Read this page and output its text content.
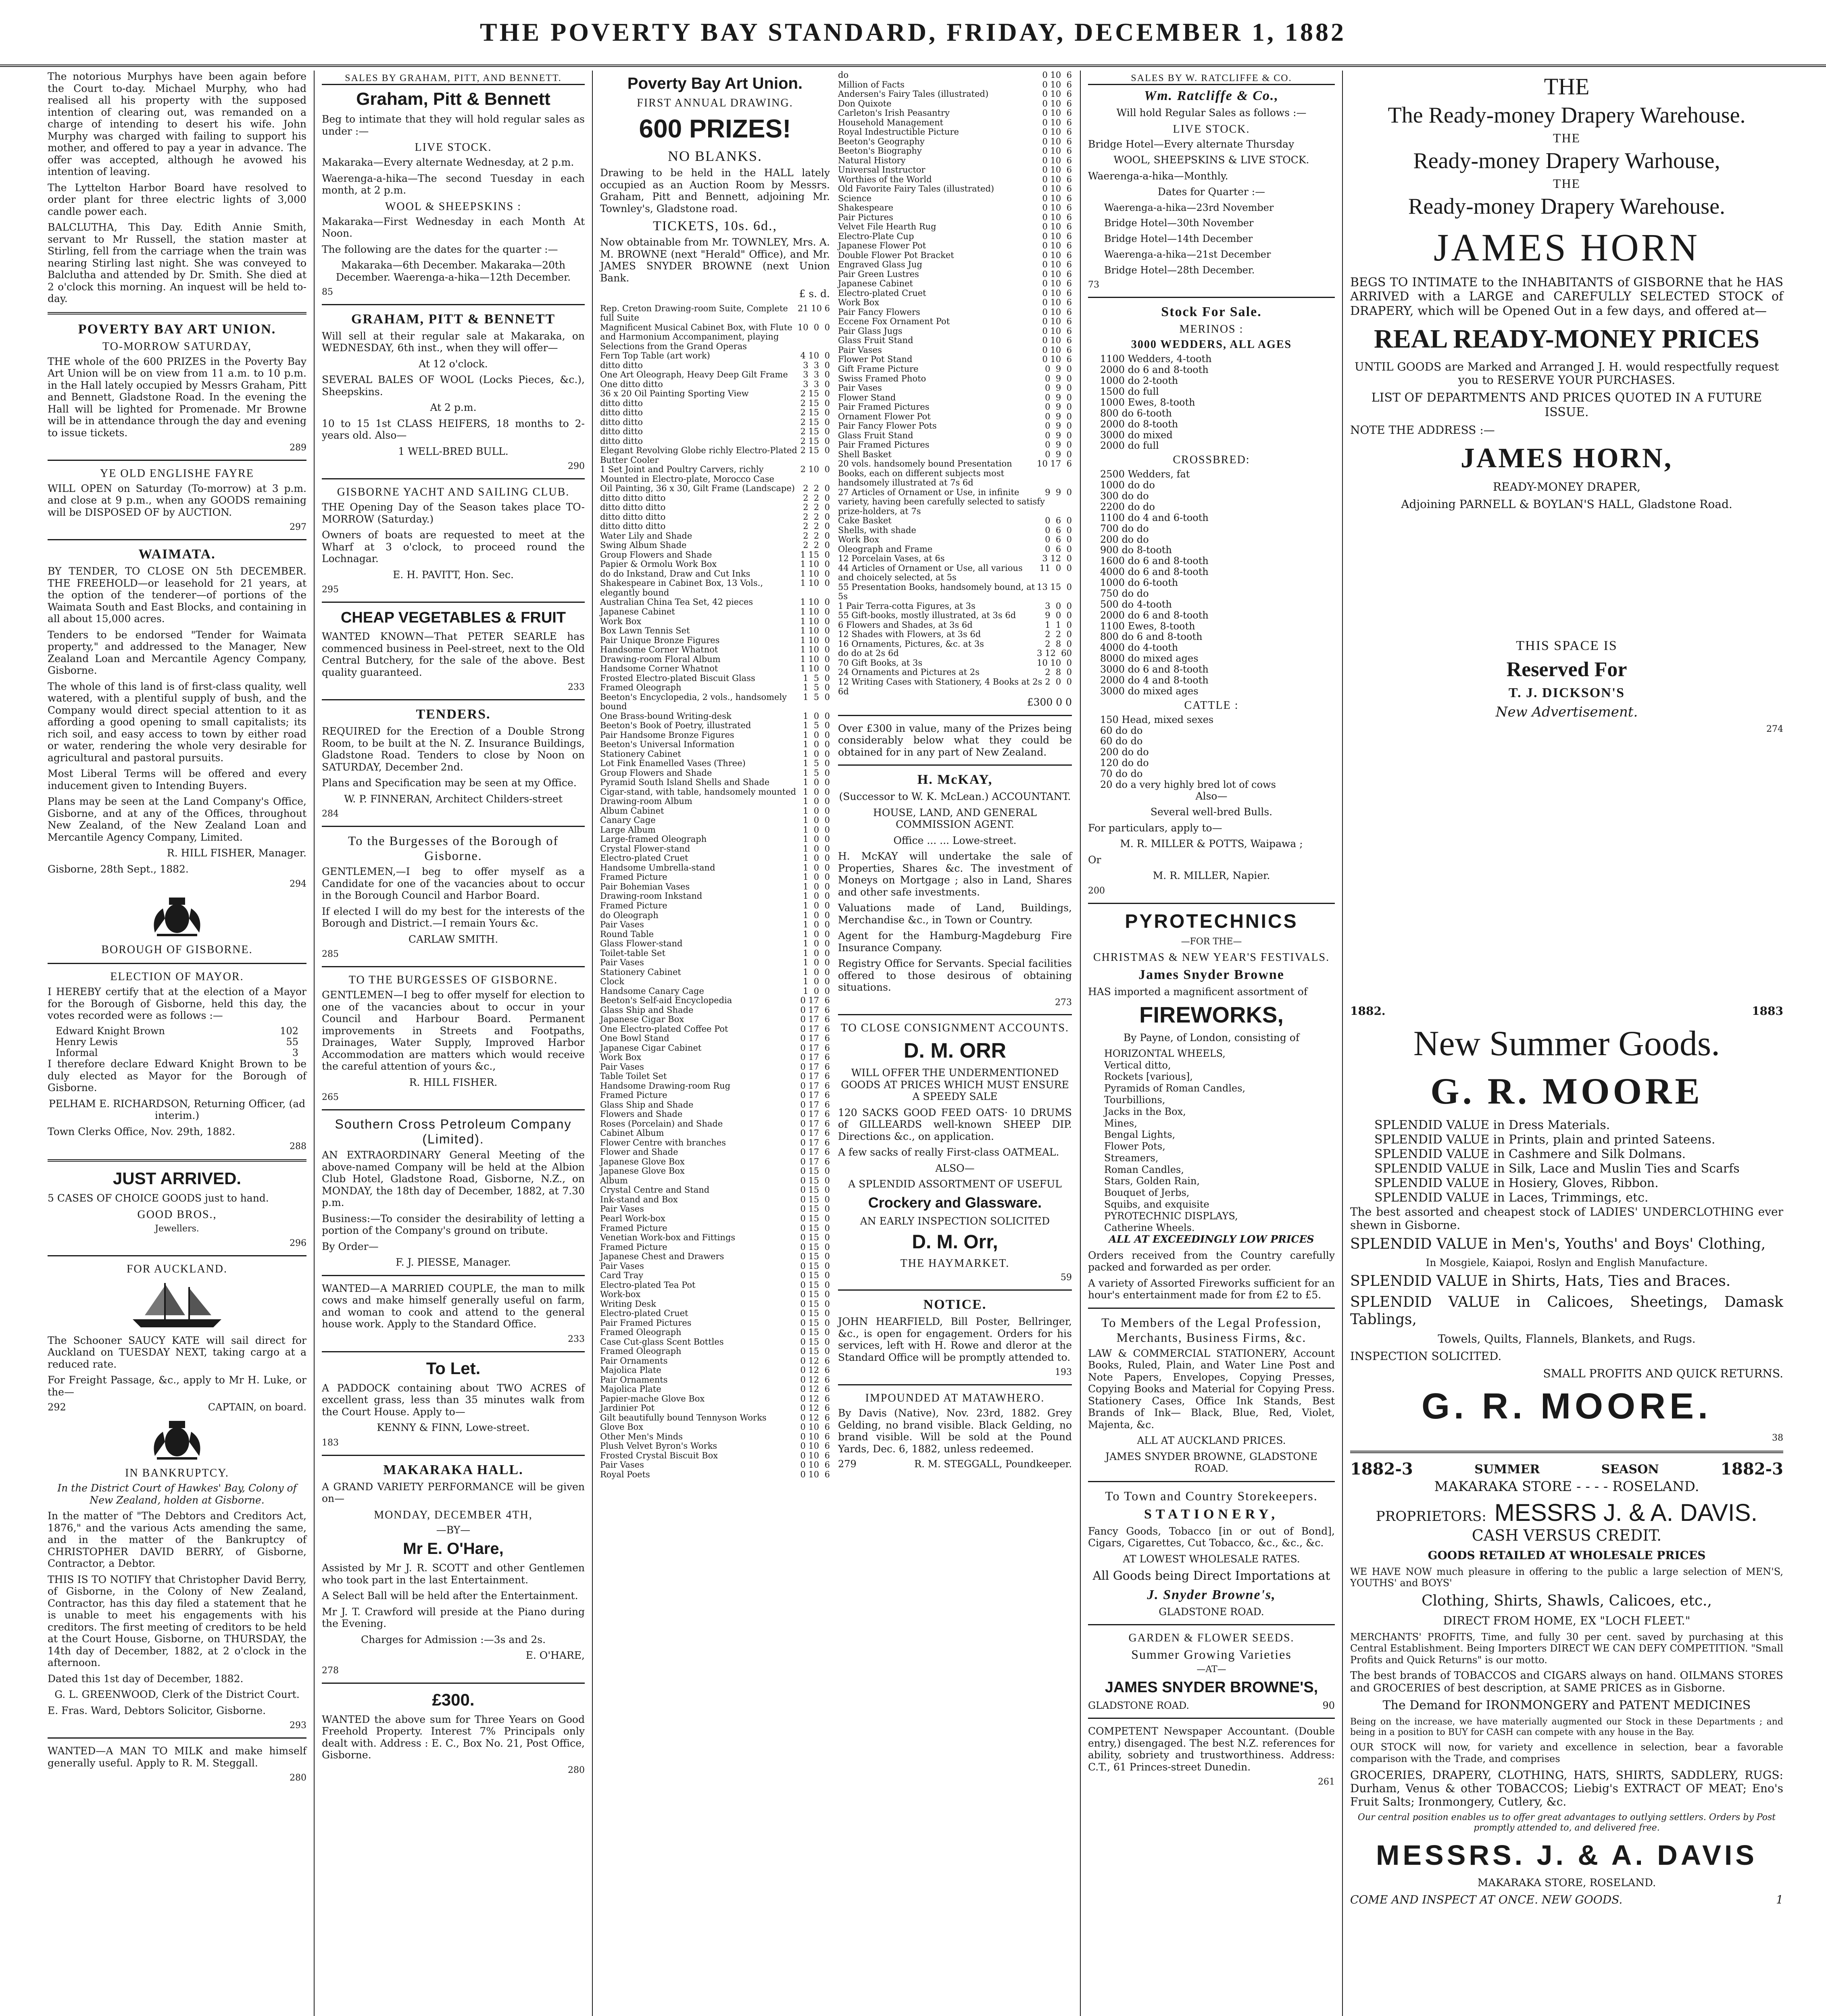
THE POVERTY BAY STANDARD, FRIDAY, DECEMBER 1, 1882

The notorious Murphys have been again before the Court to-day. Michael Murphy, who had realised all his property with the supposed intention of clearing out, was remanded on a charge of intending to desert his wife. John Murphy was charged with failing to support his mother, and offered to pay a year in advance. The offer was accepted, although he avowed his intention of leaving.

The Lyttelton Harbor Board have resolved to order plant for three electric lights of 3,000 candle power each.

BALCLUTHA, This Day. Edith Annie Smith, servant to Mr Russell, the station master at Stirling, fell from the carriage when the train was nearing Stirling last night. She was conveyed to Balclutha and attended by Dr. Smith. She died at 2 o'clock this morning. An inquest will be held to-day.

POVERTY BAY ART UNION.
TO-MORROW SATURDAY,

THE whole of the 600 PRIZES in the Poverty Bay Art Union will be on view from 11 a.m. to 10 p.m. in the Hall lately occupied by Messrs Graham, Pitt and Bennett, Gladstone Road. In the evening the Hall will be lighted for Promenade. Mr Browne will be in attendance through the day and evening to issue tickets.

289

YE OLD ENGLISHE FAYRE

WILL OPEN on Saturday (To-morrow) at 3 p.m. and close at 9 p.m., when any GOODS remaining will be DISPOSED OF by AUCTION.

297

WAIMATA.

BY TENDER, TO CLOSE ON 5th DECEMBER. THE FREEHOLD—or leasehold for 21 years, at the option of the tenderer—of portions of the Waimata South and East Blocks, and containing in all about 15,000 acres.

Tenders to be endorsed "Tender for Waimata property," and addressed to the Manager, New Zealand Loan and Mercantile Agency Company, Gisborne.

The whole of this land is of first-class quality, well watered, with a plentiful supply of bush, and the Company would direct special attention to it as affording a good opening to small capitalists; its rich soil, and easy access to town by either road or water, rendering the whole very desirable for agricultural and pastoral pursuits.

Most Liberal Terms will be offered and every inducement given to Intending Buyers.

Plans may be seen at the Land Company's Office, Gisborne, and at any of the Offices, throughout New Zealand, of the New Zealand Loan and Mercantile Agency Company, Limited.

R. HILL FISHER, Manager.

Gisborne, 28th Sept., 1882.

294

BOROUGH OF GISBORNE.
ELECTION OF MAYOR.

I HEREBY certify that at the election of a Mayor for the Borough of Gisborne, held this day, the votes recorded were as follows :—

Edward Knight Brown	102
Henry Lewis	55
Informal	3

I therefore declare Edward Knight Brown to be duly elected as Mayor for the Borough of Gisborne.

PELHAM E. RICHARDSON, Returning Officer, (ad interim.)

Town Clerks Office, Nov. 29th, 1882.

288

JUST ARRIVED.

5 CASES OF CHOICE GOODS just to hand.

GOOD BROS.,

Jewellers.

296

FOR AUCKLAND.

The Schooner SAUCY KATE will sail direct for Auckland on TUESDAY NEXT, taking cargo at a reduced rate.

For Freight Passage, &c., apply to Mr H. Luke, or the—

292	CAPTAIN, on board.
IN BANKRUPTCY.

In the District Court of Hawkes' Bay, Colony of New Zealand, holden at Gisborne.

In the matter of "The Debtors and Creditors Act, 1876," and the various Acts amending the same, and in the matter of the Bankruptcy of CHRISTOPHER DAVID BERRY, of Gisborne, Contractor, a Debtor.

THIS IS TO NOTIFY that Christopher David Berry, of Gisborne, in the Colony of New Zealand, Contractor, has this day filed a statement that he is unable to meet his engagements with his creditors. The first meeting of creditors to be held at the Court House, Gisborne, on THURSDAY, the 14th day of December, 1882, at 2 o'clock in the afternoon.

Dated this 1st day of December, 1882.

G. L. GREENWOOD, Clerk of the District Court.

E. Fras. Ward, Debtors Solicitor, Gisborne.

293

WANTED—A MAN TO MILK and make himself generally useful. Apply to R. M. Steggall.

280

SALES BY GRAHAM, PITT, AND BENNETT.
Graham, Pitt & Bennett

Beg to intimate that they will hold regular sales as under :—

LIVE STOCK.

Makaraka—Every alternate Wednesday, at 2 p.m.

Waerenga-a-hika—The second Tuesday in each month, at 2 p.m.

WOOL & SHEEPSKINS :

Makaraka—First Wednesday in each Month At Noon.

The following are the dates for the quarter :—

Makaraka—6th December. Makaraka—20th December. Waerenga-a-hika—12th December.

85

GRAHAM, PITT & BENNETT

Will sell at their regular sale at Makaraka, on WEDNESDAY, 6th inst., when they will offer—

At 12 o'clock.

SEVERAL BALES OF WOOL (Locks Pieces, &c.), Sheepskins.

At 2 p.m.

10 to 15 1st CLASS HEIFERS, 18 months to 2-years old. Also—

1 WELL-BRED BULL.

290

GISBORNE YACHT AND SAILING CLUB.

THE Opening Day of the Season takes place TO-MORROW (Saturday.)

Owners of boats are requested to meet at the Wharf at 3 o'clock, to proceed round the Lochnagar.

E. H. PAVITT, Hon. Sec.

295

CHEAP VEGETABLES & FRUIT

WANTED KNOWN—That PETER SEARLE has commenced business in Peel-street, next to the Old Central Butchery, for the sale of the above. Best quality guaranteed.

233

TENDERS.

REQUIRED for the Erection of a Double Strong Room, to be built at the N. Z. Insurance Buildings, Gladstone Road. Tenders to close by Noon on SATURDAY, December 2nd.

Plans and Specification may be seen at my Office.

W. P. FINNERAN, Architect Childers-street

284

To the Burgesses of the Borough of Gisborne.

GENTLEMEN,—I beg to offer myself as a Candidate for one of the vacancies about to occur in the Borough Council and Harbor Board.

If elected I will do my best for the interests of the Borough and District.—I remain Yours &c.

CARLAW SMITH.

285

TO THE BURGESSES OF GISBORNE.

GENTLEMEN—I beg to offer myself for election to one of the vacancies about to occur in your Council and Harbour Board. Permanent improvements in Streets and Footpaths, Drainages, Water Supply, Improved Harbor Accommodation are matters which would receive the careful attention of yours &c.,

R. HILL FISHER.

265

Southern Cross Petroleum Company (Limited).

AN EXTRAORDINARY General Meeting of the above-named Company will be held at the Albion Club Hotel, Gladstone Road, Gisborne, N.Z., on MONDAY, the 18th day of December, 1882, at 7.30 p.m.

Business:—To consider the desirability of letting a portion of the Company's ground on tribute.

By Order—

F. J. PIESSE, Manager.

WANTED—A MARRIED COUPLE, the man to milk cows and make himself generally useful on farm, and woman to cook and attend to the general house work. Apply to the Standard Office.

233

To Let.

A PADDOCK containing about TWO ACRES of excellent grass, less than 35 minutes walk from the Court House. Apply to—

KENNY & FINN, Lowe-street.

183

MAKARAKA HALL.

A GRAND VARIETY PERFORMANCE will be given on—

MONDAY, DECEMBER 4TH,

—BY—

Mr E. O'Hare,

Assisted by Mr J. R. SCOTT and other Gentlemen who took part in the last Entertainment.

A Select Ball will be held after the Entertainment.

Mr J. T. Crawford will preside at the Piano during the Evening.

Charges for Admission :—3s and 2s.

E. O'HARE,

278

£300.

WANTED the above sum for Three Years on Good Freehold Property. Interest 7% Principals only dealt with. Address : E. C., Box No. 21, Post Office, Gisborne.

280

Poverty Bay Art Union.
FIRST ANNUAL DRAWING.
600 PRIZES!
NO BLANKS.

Drawing to be held in the HALL lately occupied as an Auction Room by Messrs. Graham, Pitt and Bennett, adjoining Mr. Townley's, Gladstone road.

TICKETS, 10s. 6d.,

Now obtainable from Mr. TOWNLEY, Mrs. A. M. BROWNE (next "Herald" Office), and Mr. JAMES SNYDER BROWNE (next Union Bank.

£ s. d.

Rep. Creton Drawing-room Suite, Complete full Suite
21 10 6
Magnificent Musical Cabinet Box, with Flute and Harmonium Accompaniment, playing Selections from the Grand Operas
10  0  0
Fern Top Table (art work)	4 10  0
ditto ditto	3  3  0
One Art Oleograph, Heavy Deep Gilt Frame 3  3  0
One ditto ditto	3  3  0
36 x 20 Oil Painting Sporting View	2 15  0
ditto ditto	2 15  0
ditto ditto	2 15  0
ditto ditto	2 15  0
ditto ditto	2 15  0
ditto ditto	2 15  0
Elegant Revolving Globe richly Electro-Plated Butter Cooler
2 15  0
1 Set Joint and Poultry Carvers, richly Mounted in Electro-plate, Morocco Case
2 10  0
Oil Painting, 36 x 30, Gilt Frame (Landscape) 2  2  0
ditto ditto ditto	2  2  0
ditto ditto ditto	2  2  0
ditto ditto ditto	2  2  0
ditto ditto ditto	2  2  0
Water Lily and Shade	2  2  0
Swing Album Shade	2  2  0
Group Flowers and Shade	1 15  0
Papier & Ormolu Work Box	1 10  0
do do Inkstand, Draw and Cut Inks	1 10  0
Shakespeare in Cabinet Box, 13 Vols., elegantly bound
1 10  0
Australian China Tea Set, 42 pieces	1 10  0
Japanese Cabinet	1 10  0
Work Box	1 10  0
Box Lawn Tennis Set	1 10  0
Pair Unique Bronze Figures	1 10  0
Handsome Corner Whatnot	1 10  0
Drawing-room Floral Album	1 10  0
Handsome Corner Whatnot	1 10  0
Frosted Electro-plated Biscuit Glass	1  5  0
Framed Oleograph	1  5  0
Beeton's Encyclopedia, 2 vols., handsomely bound
1  5  0
One Brass-bound Writing-desk	1  0  0
Beeton's Book of Poetry, illustrated	1  5  0
Pair Handsome Bronze Figures	1  0  0
Beeton's Universal Information	1  0  0
Stationery Cabinet	1  0  0
Lot Fink Enamelled Vases (Three)	1  5  0
Group Flowers and Shade	1  5  0
Pyramid South Island Shells and Shade	1  0  0
Cigar-stand, with table, handsomely mounted 1  0  0
Drawing-room Album	1  0  0
Album Cabinet	1  0  0
Canary Cage	1  0  0
Large Album	1  0  0
Large-framed Oleograph	1  0  0
Crystal Flower-stand	1  0  0
Electro-plated Cruet	1  0  0
Handsome Umbrella-stand	1  0  0
Framed Picture	1  0  0
Pair Bohemian Vases	1  0  0
Drawing-room Inkstand	1  0  0
Framed Picture	1  0  0
do Oleograph	1  0  0
Pair Vases	1  0  0
Round Table	1  0  0
Glass Flower-stand	1  0  0
Toilet-table Set	1  0  0
Pair Vases	1  0  0
Stationery Cabinet	1  0  0
Clock	1  0  0
Handsome Canary Cage	1  0  0
Beeton's Self-aid Encyclopedia	0 17  6
Glass Ship and Shade	0 17  6
Japanese Cigar Box	0 17  6
One Electro-plated Coffee Pot	0 17  6
One Bowl Stand	0 17  6
Japanese Cigar Cabinet	0 17  6
Work Box	0 17  6
Pair Vases	0 17  6
Table Toilet Set	0 17  6
Handsome Drawing-room Rug	0 17  6
Framed Picture	0 17  6
Glass Ship and Shade	0 17  6
Flowers and Shade	0 17  6
Roses (Porcelain) and Shade	0 17  6
Cabinet Album	0 17  6
Flower Centre with branches	0 17  6
Flower and Shade	0 17  6
Japanese Glove Box	0 17  6
Japanese Glove Box	0 15  0
Album	0 15  0
Crystal Centre and Stand	0 15  0
Ink-stand and Box	0 15  0
Pair Vases	0 15  0
Pearl Work-box	0 15  0
Framed Picture	0 15  0
Venetian Work-box and Fittings	0 15  0
Framed Picture	0 15  0
Japanese Chest and Drawers	0 15  0
Pair Vases	0 15  0
Card Tray	0 15  0
Electro-plated Tea Pot	0 15  0
Work-box	0 15  0
Writing Desk	0 15  0
Electro-plated Cruet	0 15  0
Pair Framed Pictures	0 15  0
Framed Oleograph	0 15  0
Case Cut-glass Scent Bottles	0 15  0
Framed Oleograph	0 15  0
Pair Ornaments	0 12  6
Majolica Plate	0 12  6
Pair Ornaments	0 12  6
Majolica Plate	0 12  6
Papier-mache Glove Box	0 12  6
Jardinier Pot	0 12  6
Gilt beautifully bound Tennyson Works	0 12  6
Glove Box	0 10  6
Other Men's Minds	0 10  6
Plush Velvet Byron's Works	0 10  6
Frosted Crystal Biscuit Box	0 10  6
Pair Vases	0 10  6
Royal Poets	0 10  6
do	0 10  6
Million of Facts	0 10  6
Andersen's Fairy Tales (illustrated)	0 10  6
Don Quixote	0 10  6
Carleton's Irish Peasantry	0 10  6
Household Management	0 10  6
Royal Indestructible Picture	0 10  6
Beeton's Geography	0 10  6
Beeton's Biography	0 10  6
Natural History	0 10  6
Universal Instructor	0 10  6
Worthies of the World	0 10  6
Old Favorite Fairy Tales (illustrated)	0 10  6
Science	0 10  6
Shakespeare	0 10  6
Pair Pictures	0 10  6
Velvet File Hearth Rug	0 10  6
Electro-Plate Cup	0 10  6
Japanese Flower Pot	0 10  6
Double Flower Pot Bracket	0 10  6
Engraved Glass Jug	0 10  6
Pair Green Lustres	0 10  6
Japanese Cabinet	0 10  6
Electro-plated Cruet	0 10  6
Work Box	0 10  6
Pair Fancy Flowers	0 10  6
Eccene Fox Ornament Pot	0 10  6
Pair Glass Jugs	0 10  6
Glass Fruit Stand	0 10  6
Pair Vases	0 10  6
Flower Pot Stand	0 10  6
Gift Frame Picture	0  9  0
Swiss Framed Photo	0  9  0
Pair Vases	0  9  0
Flower Stand	0  9  0
Pair Framed Pictures	0  9  0
Ornament Flower Pot	0  9  0
Pair Fancy Flower Pots	0  9  0
Glass Fruit Stand	0  9  0
Pair Framed Pictures	0  9  0
Shell Basket	0  9  0
20 vols. handsomely bound Presentation Books, each on different subjects most handsomely illustrated at 7s 6d
10 17  6
27 Articles of Ornament or Use, in infinite variety, having been carefully selected to satisfy prize-holders, at 7s
9  9  0
Cake Basket	0  6  0
Shells, with shade	0  6  0
Work Box	0  6  0
Oleograph and Frame	0  6  0
12 Porcelain Vases, at 6s	3 12  0
44 Articles of Ornament or Use, all various and choicely selected, at 5s
11  0  0
55 Presentation Books, handsomely bound, at 5s
13 15  0
1 Pair Terra-cotta Figures, at 3s	3  0  0
55 Gift-books, mostly illustrated, at 3s 6d	9  0  0
6 Flowers and Shades, at 3s 6d	1  1  0
12 Shades with Flowers, at 3s 6d	2  2  0
16 Ornaments, Pictures, &c. at 3s	2  8  0
do do at 2s 6d	3 12  60
70 Gift Books, at 3s	10 10  0
24 Ornaments and Pictures at 2s	2  8  0
12 Writing Cases with Stationery, 4 Books at 2s 6d
2  0  0

£300 0 0

Over £300 in value, many of the Prizes being considerably below what they could be obtained for in any part of New Zealand.

H. McKAY,

(Successor to W. K. McLean.) ACCOUNTANT.

HOUSE, LAND, AND GENERAL COMMISSION AGENT.

Office ... ... Lowe-street.

H. McKAY will undertake the sale of Properties, Shares &c. The investment of Moneys on Mortgage ; also in Land, Shares and other safe investments.

Valuations made of Land, Buildings, Merchandise &c., in Town or Country.

Agent for the Hamburg-Magdeburg Fire Insurance Company.

Registry Office for Servants. Special facilities offered to those desirous of obtaining situations.

273

TO CLOSE CONSIGNMENT ACCOUNTS.
D. M. ORR

WILL OFFER THE UNDERMENTIONED GOODS AT PRICES WHICH MUST ENSURE A SPEEDY SALE

120 SACKS GOOD FEED OATS· 10 DRUMS of GILLEARDS well-known SHEEP DIP. Directions &c., on application.

A few sacks of really First-class OATMEAL.

ALSO—

A SPLENDID ASSORTMENT OF USEFUL

Crockery and Glassware.

AN EARLY INSPECTION SOLICITED

D. M. Orr,
THE HAYMARKET.

59

NOTICE.

JOHN HEARFIELD, Bill Poster, Bellringer, &c., is open for engagement. Orders for his services, left with H. Rowe and dleror at the Standard Office will be promptly attended to.

193

IMPOUNDED AT MATAWHERO.

By Davis (Native), Nov. 23rd, 1882. Grey Gelding, no brand visible. Black Gelding, no brand visible. Will be sold at the Pound Yards, Dec. 6, 1882, unless redeemed.

279	R. M. STEGGALL, Poundkeeper.
SALES BY W. RATCLIFFE & CO.
Wm. Ratcliffe & Co.,

Will hold Regular Sales as follows :—

LIVE STOCK.

Bridge Hotel—Every alternate Thursday

WOOL, SHEEPSKINS & LIVE STOCK.

Waerenga-a-hika—Monthly.

Dates for Quarter :—

Waerenga-a-hika—23rd November

Bridge Hotel—30th November

Bridge Hotel—14th December

Waerenga-a-hika—21st December

Bridge Hotel—28th December.

73

Stock For Sale.
MERINOS :
3000 WEDDERS, ALL AGES
1100 Wedders, 4-tooth
2000 do 6 and 8-tooth
1000 do 2-tooth
1500 do full
1000 Ewes, 8-tooth
800 do 6-tooth
2000 do 8-tooth
3000 do mixed
2000 do full
CROSSBRED:
2500 Wedders, fat
1000 do do
300 do do
2200 do do
1100 do 4 and 6-tooth
700 do do
200 do do
900 do 8-tooth
1600 do 6 and 8-tooth
4000 do 6 and 8-tooth
1000 do 6-tooth
750 do do
500 do 4-tooth
2000 do 6 and 8-tooth
1100 Ewes, 8-tooth
800 do 6 and 8-tooth
4000 do 4-tooth
8000 do mixed ages
3000 do 6 and 8-tooth
2000 do 4 and 8-tooth
3000 do mixed ages
CATTLE :
150 Head, mixed sexes
60 do do
60 do do
200 do do
120 do do
70 do do
20 do a very highly bred lot of cows

Also—

Several well-bred Bulls.

For particulars, apply to—

M. R. MILLER & POTTS, Waipawa ;

Or

M. R. MILLER, Napier.

200

PYROTECHNICS

—FOR THE—

CHRISTMAS & NEW YEAR'S FESTIVALS.
James Snyder Browne

HAS imported a magnificent assortment of

FIREWORKS,

By Payne, of London, consisting of

HORIZONTAL WHEELS,
Vertical ditto,
Rockets [various],
Pyramids of Roman Candles,
Tourbillions,
Jacks in the Box,
Mines,
Bengal Lights,
Flower Pots,
Streamers,
Roman Candles,
Stars, Golden Rain,
Bouquet of Jerbs,
Squibs, and exquisite
PYROTECHNIC DISPLAYS,
Catherine Wheels.

ALL AT EXCEEDINGLY LOW PRICES

Orders received from the Country carefully packed and forwarded as per order.

A variety of Assorted Fireworks sufficient for an hour's entertainment made for from £2 to £5.

To Members of the Legal Profession, Merchants, Business Firms, &c.

LAW & COMMERCIAL STATIONERY, Account Books, Ruled, Plain, and Water Line Post and Note Papers, Envelopes, Copying Presses, Copying Books and Material for Copying Press. Stationery Cases, Office Ink Stands, Best Brands of Ink— Black, Blue, Red, Violet, Majenta, &c.

ALL AT AUCKLAND PRICES.

JAMES SNYDER BROWNE, GLADSTONE ROAD.

To Town and Country Storekeepers.
STATIONERY,

Fancy Goods, Tobacco [in or out of Bond], Cigars, Cigarettes, Cut Tobacco, &c., &c., &c.

AT LOWEST WHOLESALE RATES.

All Goods being Direct Importations at

J. Snyder Browne's,

GLADSTONE ROAD.

GARDEN & FLOWER SEEDS.
Summer Growing Varieties

—AT—

JAMES SNYDER BROWNE'S,
GLADSTONE ROAD.	90

COMPETENT Newspaper Accountant. (Double entry,) disengaged. The best N.Z. references for ability, sobriety and trustworthiness. Address: C.T., 61 Princes-street Dunedin.

261

THE
The Ready-money Drapery Warehouse.
THE
Ready-money Drapery Warhouse,
THE
Ready-money Drapery Warehouse.
JAMES HORN

BEGS TO INTIMATE to the INHABITANTS of GISBORNE that he HAS ARRIVED with a LARGE and CAREFULLY SELECTED STOCK of DRAPERY, which will be Opened Out in a few days, and offered at—

REAL READY-MONEY PRICES

UNTIL GOODS are Marked and Arranged J. H. would respectfully request you to RESERVE YOUR PURCHASES.

LIST OF DEPARTMENTS AND PRICES QUOTED IN A FUTURE ISSUE.

NOTE THE ADDRESS :—

JAMES HORN,

READY-MONEY DRAPER,

Adjoining PARNELL & BOYLAN'S HALL, Gladstone Road.

THIS SPACE IS
Reserved For
T. J. DICKSON'S

New Advertisement.

274

1882.	1883
New Summer Goods.
G. R. MOORE
SPLENDID VALUE in Dress Materials.
SPLENDID VALUE in Prints, plain and printed Sateens.
SPLENDID VALUE in Cashmere and Silk Dolmans.
SPLENDID VALUE in Silk, Lace and Muslin Ties and Scarfs
SPLENDID VALUE in Hosiery, Gloves, Ribbon.
SPLENDID VALUE in Laces, Trimmings, etc.

The best assorted and cheapest stock of LADIES' UNDERCLOTHING ever shewn in Gisborne.

SPLENDID VALUE in Men's, Youths' and Boys' Clothing,

In Mosgiele, Kaiapoi, Roslyn and English Manufacture.

SPLENDID VALUE in Shirts, Hats, Ties and Braces.

SPLENDID VALUE in Calicoes, Sheetings, Damask Tablings,

Towels, Quilts, Flannels, Blankets, and Rugs.

INSPECTION SOLICITED.

SMALL PROFITS AND QUICK RETURNS.

G. R. MOORE.

38

1882-3	SUMMER	SEASON	1882-3

MAKARAKA STORE - - - - ROSELAND.

PROPRIETORS: MESSRS J. & A. DAVIS.

CASH VERSUS CREDIT.

GOODS RETAILED AT WHOLESALE PRICES

WE HAVE NOW much pleasure in offering to the public a large selection of MEN'S, YOUTHS' and BOYS'

Clothing, Shirts, Shawls, Calicoes, etc.,

DIRECT FROM HOME, EX "LOCH FLEET."

MERCHANTS' PROFITS, Time, and fully 30 per cent. saved by purchasing at this Central Establishment. Being Importers DIRECT WE CAN DEFY COMPETITION. "Small Profits and Quick Returns" is our motto.

The best brands of TOBACCOS and CIGARS always on hand. OILMANS STORES and GROCERIES of best description, at SAME PRICES as in Gisborne.

The Demand for IRONMONGERY and PATENT MEDICINES

Being on the increase, we have materially augmented our Stock in these Departments ; and being in a position to BUY for CASH can compete with any house in the Bay.

OUR STOCK will now, for variety and excellence in selection, bear a favorable comparison with the Trade, and comprises

GROCERIES, DRAPERY, CLOTHING, HATS, SHIRTS, SADDLERY, RUGS: Durham, Venus & other TOBACCOS; Liebig's EXTRACT OF MEAT; Eno's Fruit Salts; Ironmongery, Cutlery, &c.

Our central position enables us to offer great advantages to outlying settlers. Orders by Post promptly attended to, and delivered free.

MESSRS. J. & A. DAVIS

MAKARAKA STORE, ROSELAND.

COME AND INSPECT AT ONCE. NEW GOODS.	1
